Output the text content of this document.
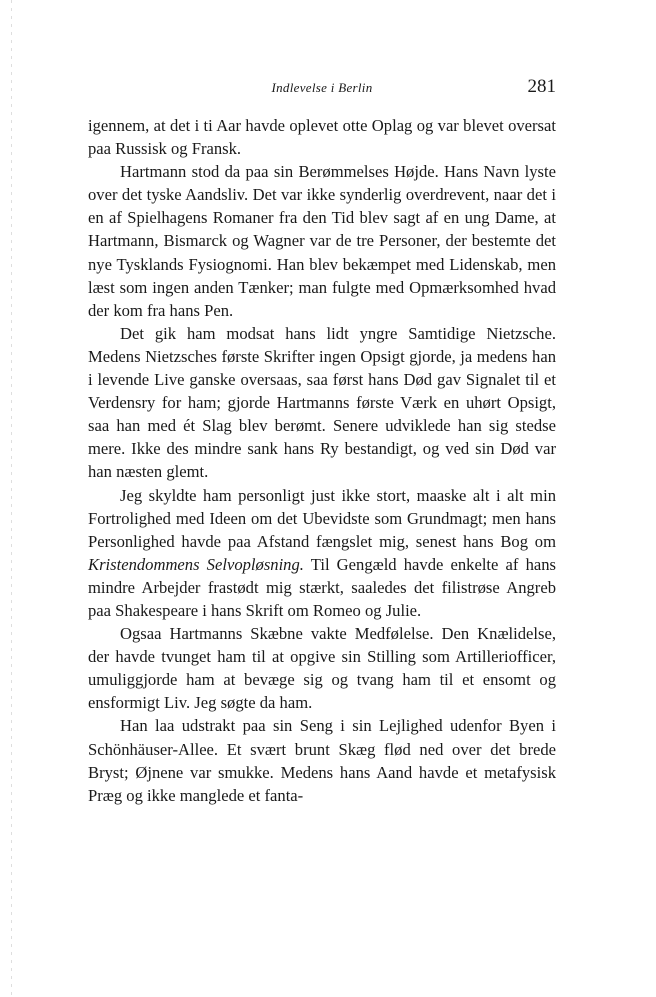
Indlevelse i Berlin	281

igennem, at det i ti Aar havde oplevet otte Oplag og var blevet oversat paa Russisk og Fransk.

Hartmann stod da paa sin Berømmelses Højde. Hans Navn lyste over det tyske Aandsliv. Det var ikke synderlig overdrevent, naar det i en af Spielhagens Romaner fra den Tid blev sagt af en ung Dame, at Hartmann, Bismarck og Wagner var de tre Personer, der bestemte det nye Tysklands Fysiognomi. Han blev bekæmpet med Lidenskab, men læst som ingen anden Tænker; man fulgte med Opmærksomhed hvad der kom fra hans Pen.

Det gik ham modsat hans lidt yngre Samtidige Nietzsche. Medens Nietzsches første Skrifter ingen Opsigt gjorde, ja medens han i levende Live ganske oversaas, saa først hans Død gav Signalet til et Verdensry for ham; gjorde Hartmanns første Værk en uhørt Opsigt, saa han med ét Slag blev berømt. Senere udviklede han sig stedse mere. Ikke des mindre sank hans Ry bestandigt, og ved sin Død var han næsten glemt.

Jeg skyldte ham personligt just ikke stort, maaske alt i alt min Fortrolighed med Ideen om det Ubevidste som Grundmagt; men hans Personlighed havde paa Afstand fængslet mig, senest hans Bog om Kristendommens Selvopløsning. Til Gengæld havde enkelte af hans mindre Arbejder frastødt mig stærkt, saaledes det filistrøse Angreb paa Shakespeare i hans Skrift om Romeo og Julie.

Ogsaa Hartmanns Skæbne vakte Medfølelse. Den Knælidelse, der havde tvunget ham til at opgive sin Stilling som Artilleriofficer, umuliggjorde ham at bevæge sig og tvang ham til et ensomt og ensformigt Liv. Jeg søgte da ham.

Han laa udstrakt paa sin Seng i sin Lejlighed udenfor Byen i Schönhäuser-Allee. Et svært brunt Skæg flød ned over det brede Bryst; Øjnene var smukke. Medens hans Aand havde et metafysisk Præg og ikke manglede et fanta-
